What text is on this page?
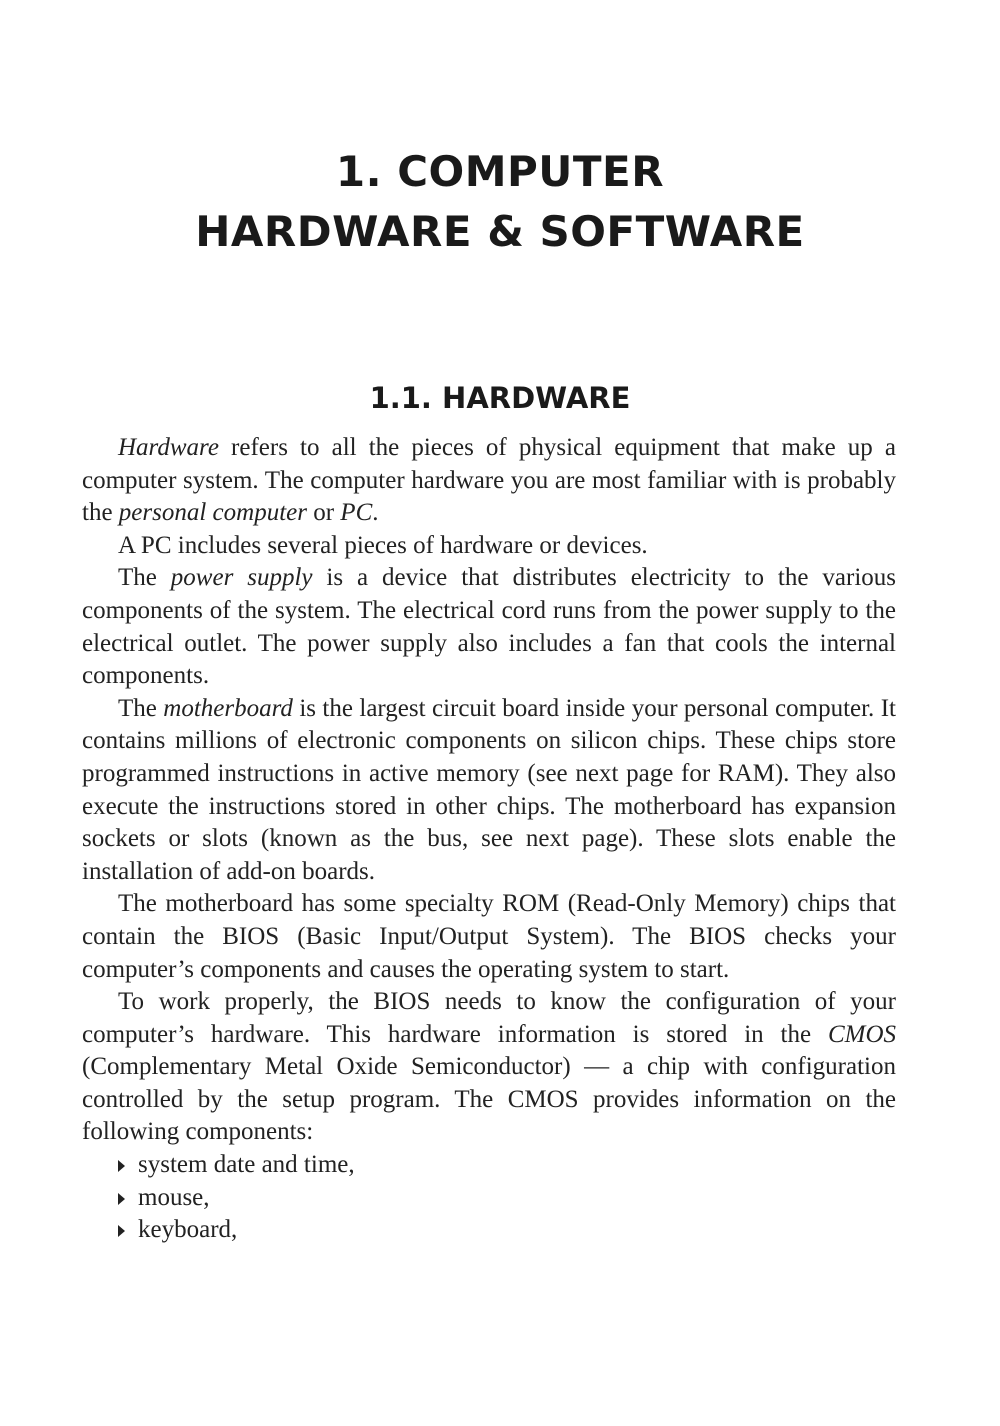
1. COMPUTER
HARDWARE & SOFTWARE
1.1. HARDWARE

Hardware refers to all the pieces of physical equipment that make up a computer system. The computer hardware you are most familiar with is probably the personal computer or PC.

A PC includes several pieces of hardware or devices.

The power supply is a device that distributes electricity to the various components of the system. The electrical cord runs from the power supply to the electrical outlet. The power supply also includes a fan that cools the internal components.

The motherboard is the largest circuit board inside your personal computer. It contains millions of electronic components on silicon chips. These chips store programmed instructions in active memory (see next page for RAM). They also execute the instructions stored in other chips. The motherboard has expansion sockets or slots (known as the bus, see next page). These slots enable the installation of add-on boards.

The motherboard has some specialty ROM (Read-Only Memory) chips that contain the BIOS (Basic Input/Output System). The BIOS checks your computer’s components and causes the operating system to start.

To work properly, the BIOS needs to know the configuration of your computer’s hardware. This hardware information is stored in the CMOS (Complementary Metal Oxide Semiconductor) — a chip with configuration controlled by the setup program. The CMOS provides information on the following components:

system date and time,
mouse,
keyboard,
